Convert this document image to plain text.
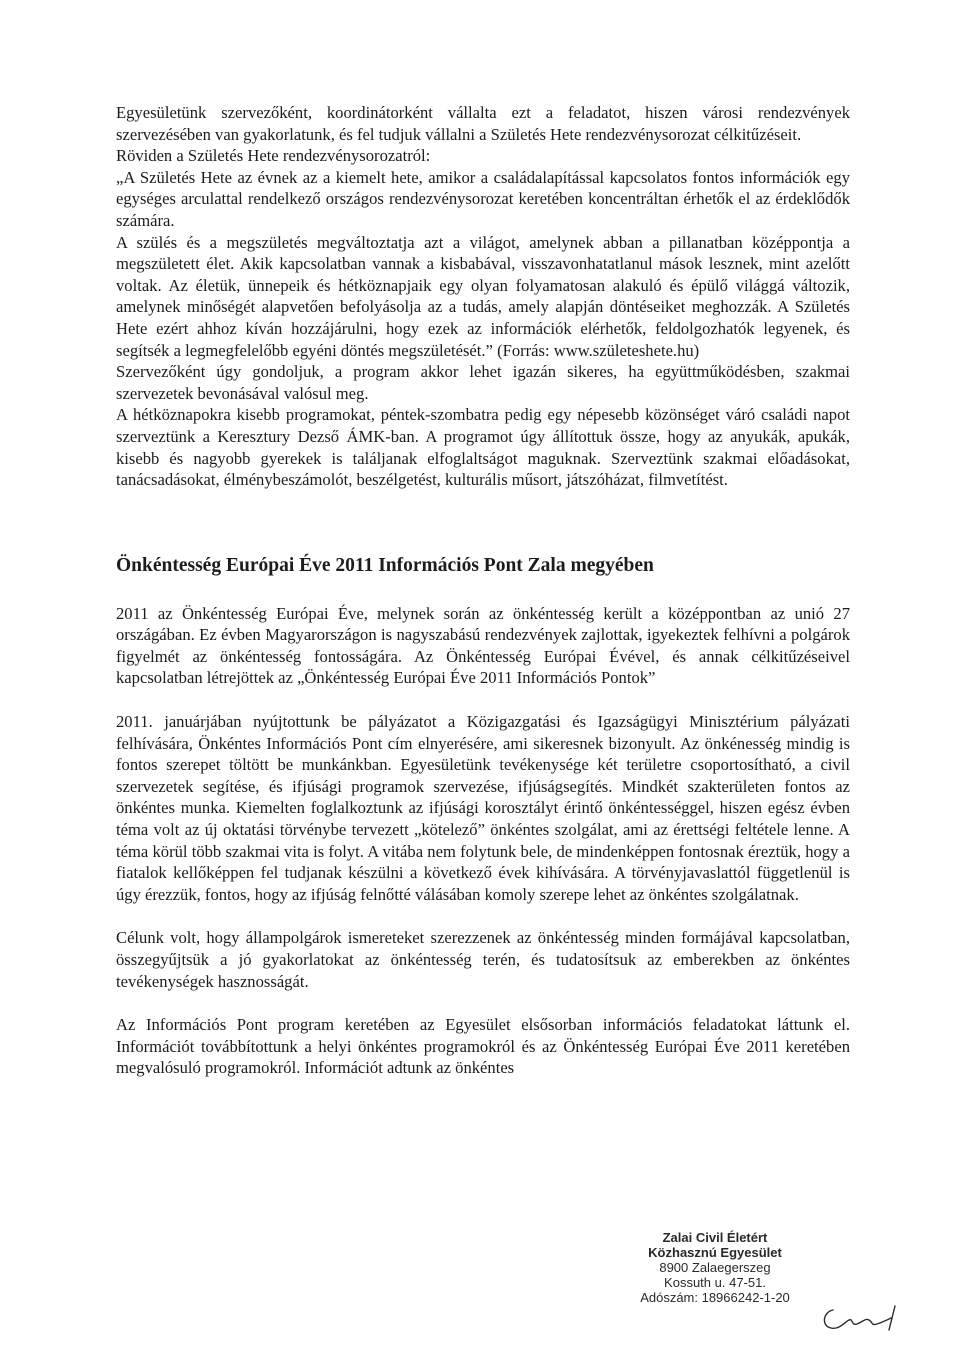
Egyesületünk szervezőként, koordinátorként vállalta ezt a feladatot, hiszen városi rendezvények szervezésében van gyakorlatunk, és fel tudjuk vállalni a Születés Hete rendezvénysorozat célkitűzéseit.

Röviden a Születés Hete rendezvénysorozatról:

„A Születés Hete az évnek az a kiemelt hete, amikor a családalapítással kapcsolatos fontos információk egy egységes arculattal rendelkező országos rendezvénysorozat keretében koncentráltan érhetők el az érdeklődők számára.

A szülés és a megszületés megváltoztatja azt a világot, amelynek abban a pillanatban középpontja a megszületett élet. Akik kapcsolatban vannak a kisbabával, visszavonhatatlanul mások lesznek, mint azelőtt voltak. Az életük, ünnepeik és hétköznapjaik egy olyan folyamatosan alakuló és épülő világgá változik, amelynek minőségét alapvetően befolyásolja az a tudás, amely alapján döntéseiket meghozzák. A Születés Hete ezért ahhoz kíván hozzájárulni, hogy ezek az információk elérhetők, feldolgozhatók legyenek, és segítsék a legmegfelelőbb egyéni döntés megszületését.” (Forrás: www.születeshete.hu)

Szervezőként úgy gondoljuk, a program akkor lehet igazán sikeres, ha együttműködésben, szakmai szervezetek bevonásával valósul meg.

A hétköznapokra kisebb programokat, péntek-szombatra pedig egy népesebb közönséget váró családi napot szerveztünk a Keresztury Dezső ÁMK-ban. A programot úgy állítottuk össze, hogy az anyukák, apukák, kisebb és nagyobb gyerekek is találjanak elfoglaltságot maguknak. Szerveztünk szakmai előadásokat, tanácsadásokat, élménybeszámolót, beszélgetést, kulturális műsort, játszóházat, filmvetítést.

Önkéntesség Európai Éve 2011 Információs Pont Zala megyében

2011 az Önkéntesség Európai Éve, melynek során az önkéntesség került a középpontban az unió 27 országában. Ez évben Magyarországon is nagyszabású rendezvények zajlottak, igyekeztek felhívni a polgárok figyelmét az önkéntesség fontosságára. Az Önkéntesség Európai Évével, és annak célkitűzéseivel kapcsolatban létrejöttek az „Önkéntesség Európai Éve 2011 Információs Pontok”

2011. januárjában nyújtottunk be pályázatot a Közigazgatási és Igazságügyi Minisztérium pályázati felhívására, Önkéntes Információs Pont cím elnyerésére, ami sikeresnek bizonyult. Az önkénesség mindig is fontos szerepet töltött be munkánkban. Egyesületünk tevékenysége két területre csoportosítható, a civil szervezetek segítése, és ifjúsági programok szervezése, ifjúságsegítés. Mindkét szakterületen fontos az önkéntes munka. Kiemelten foglalkoztunk az ifjúsági korosztályt érintő önkéntességgel, hiszen egész évben téma volt az új oktatási törvénybe tervezett „kötelező” önkéntes szolgálat, ami az érettségi feltétele lenne. A téma körül több szakmai vita is folyt. A vitába nem folytunk bele, de mindenképpen fontosnak éreztük, hogy a fiatalok kellőképpen fel tudjanak készülni a következő évek kihívására. A törvényjavaslattól függetlenül is úgy érezzük, fontos, hogy az ifjúság felnőtté válásában komoly szerepe lehet az önkéntes szolgálatnak.

Célunk volt, hogy állampolgárok ismereteket szerezzenek az önkéntesség minden formájával kapcsolatban, összegyűjtsük a jó gyakorlatokat az önkéntesség terén, és tudatosítsuk az emberekben az önkéntes tevékenységek hasznosságát.

Az Információs Pont program keretében az Egyesület elsősorban információs feladatokat láttunk el. Információt továbbítottunk a helyi önkéntes programokról és az Önkéntesség Európai Éve 2011 keretében megvalósuló programokról. Információt adtunk az önkéntes

Zalai Civil Életért
Közhasznú Egyesület
8900 Zalaegerszeg
Kossuth u. 47-51.
Adószám: 18966242-1-20
